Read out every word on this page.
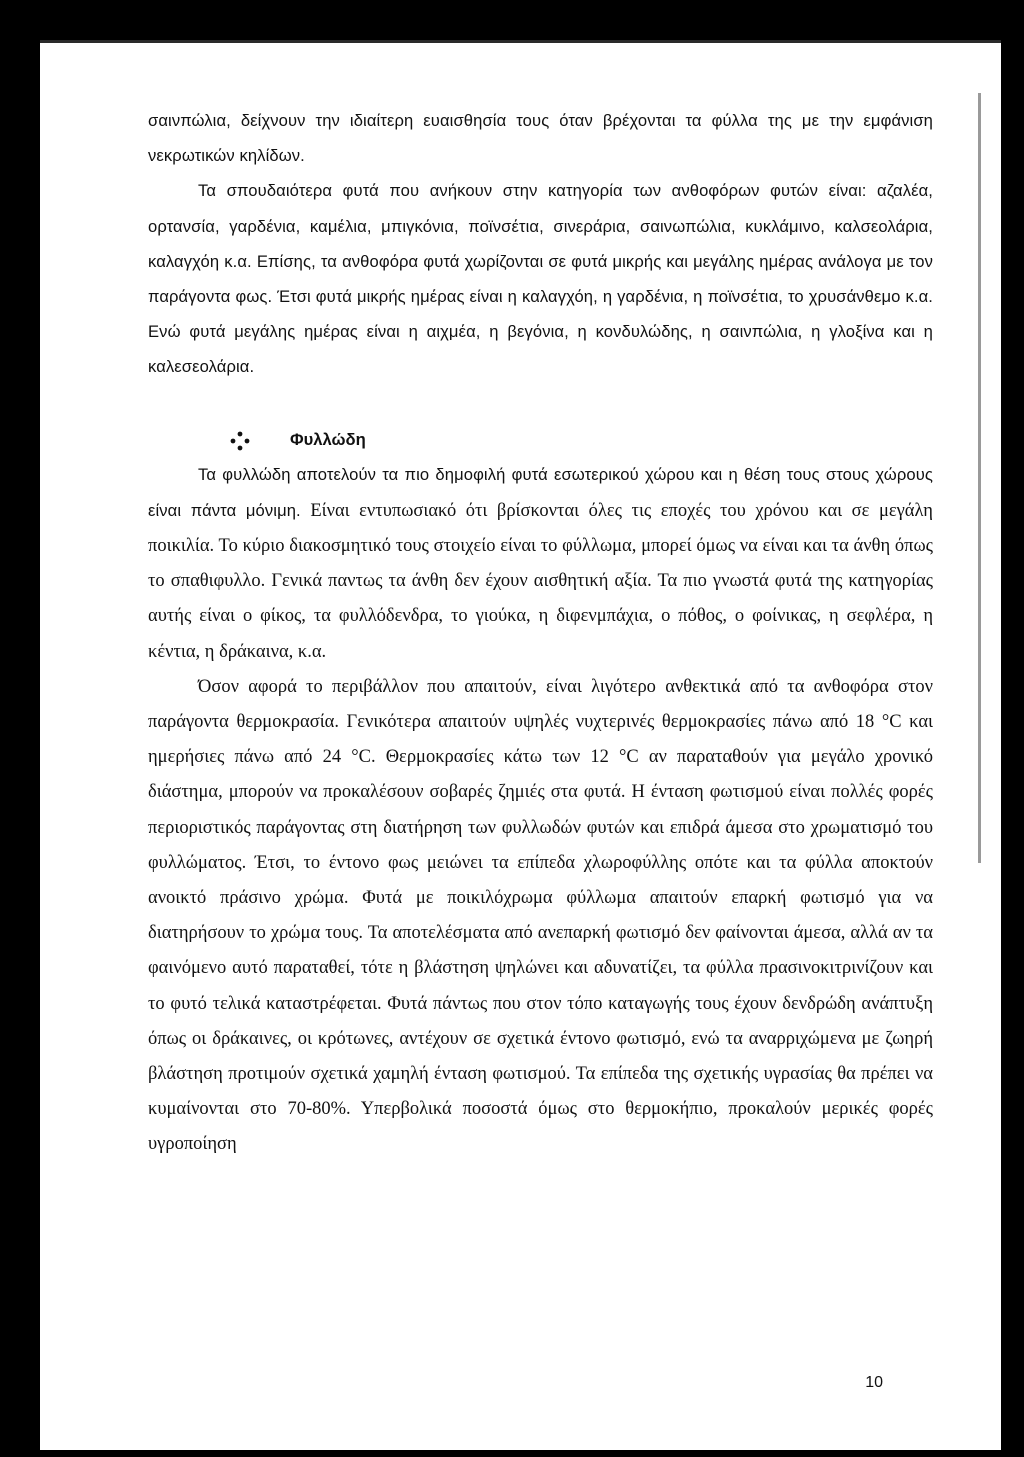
σαινπώλια, δείχνουν την ιδιαίτερη ευαισθησία τους όταν βρέχονται τα φύλλα της με την εμφάνιση νεκρωτικών κηλίδων.

Τα σπουδαιότερα φυτά που ανήκουν στην κατηγορία των ανθοφόρων φυτών είναι: αζαλέα, ορτανσία, γαρδένια, καμέλια, μπιγκόνια, ποϊνσέτια, σινεράρια, σαινωπώλια, κυκλάμινο, καλσεολάρια, καλαγχόη κ.α. Επίσης, τα ανθοφόρα φυτά χωρίζονται σε φυτά μικρής και μεγάλης ημέρας ανάλογα με τον παράγοντα φως. Έτσι φυτά μικρής ημέρας είναι η καλαγχόη, η γαρδένια, η ποϊνσέτια, το χρυσάνθεμο κ.α. Ενώ φυτά μεγάλης ημέρας είναι η αιχμέα, η βεγόνια, η κονδυλώδης, η σαινπώλια, η γλοξίνα και η καλεσεολάρια.

Φυλλώδη

Τα φυλλώδη αποτελούν τα πιο δημοφιλή φυτά εσωτερικού χώρου και η θέση τους στους χώρους είναι πάντα μόνιμη. Είναι εντυπωσιακό ότι βρίσκονται όλες τις εποχές του χρόνου και σε μεγάλη ποικιλία. Το κύριο διακοσμητικό τους στοιχείο είναι το φύλλωμα, μπορεί όμως να είναι και τα άνθη όπως το σπαθιφυλλο. Γενικά παντως τα άνθη δεν έχουν αισθητική αξία. Τα πιο γνωστά φυτά της κατηγορίας αυτής είναι ο φίκος, τα φυλλόδενδρα, το γιούκα, η διφενμπάχια, ο πόθος, ο φοίνικας, η σεφλέρα, η κέντια, η δράκαινα, κ.α.

Όσον αφορά το περιβάλλον που απαιτούν, είναι λιγότερο ανθεκτικά από τα ανθοφόρα στον παράγοντα θερμοκρασία. Γενικότερα απαιτούν υψηλές νυχτερινές θερμοκρασίες πάνω από 18 °C και ημερήσιες πάνω από 24 °C. Θερμοκρασίες κάτω των 12 °C αν παραταθούν για μεγάλο χρονικό διάστημα, μπορούν να προκαλέσουν σοβαρές ζημιές στα φυτά. Η ένταση φωτισμού είναι πολλές φορές περιοριστικός παράγοντας στη διατήρηση των φυλλωδών φυτών και επιδρά άμεσα στο χρωματισμό του φυλλώματος. Έτσι, το έντονο φως μειώνει τα επίπεδα χλωροφύλλης οπότε και τα φύλλα αποκτούν ανοικτό πράσινο χρώμα. Φυτά με ποικιλόχρωμα φύλλωμα απαιτούν επαρκή φωτισμό για να διατηρήσουν το χρώμα τους. Τα αποτελέσματα από ανεπαρκή φωτισμό δεν φαίνονται άμεσα, αλλά αν τα φαινόμενο αυτό παραταθεί, τότε η βλάστηση ψηλώνει και αδυνατίζει, τα φύλλα πρασινοκιτρινίζουν και το φυτό τελικά καταστρέφεται. Φυτά πάντως που στον τόπο καταγωγής τους έχουν δενδρώδη ανάπτυξη όπως οι δράκαινες, οι κρότωνες, αντέχουν σε σχετικά έντονο φωτισμό, ενώ τα αναρριχώμενα με ζωηρή βλάστηση προτιμούν σχετικά χαμηλή ένταση φωτισμού. Τα επίπεδα της σχετικής υγρασίας θα πρέπει να κυμαίνονται στο 70-80%. Υπερβολικά ποσοστά όμως στο θερμοκήπιο, προκαλούν μερικές φορές υγροποίηση

10
